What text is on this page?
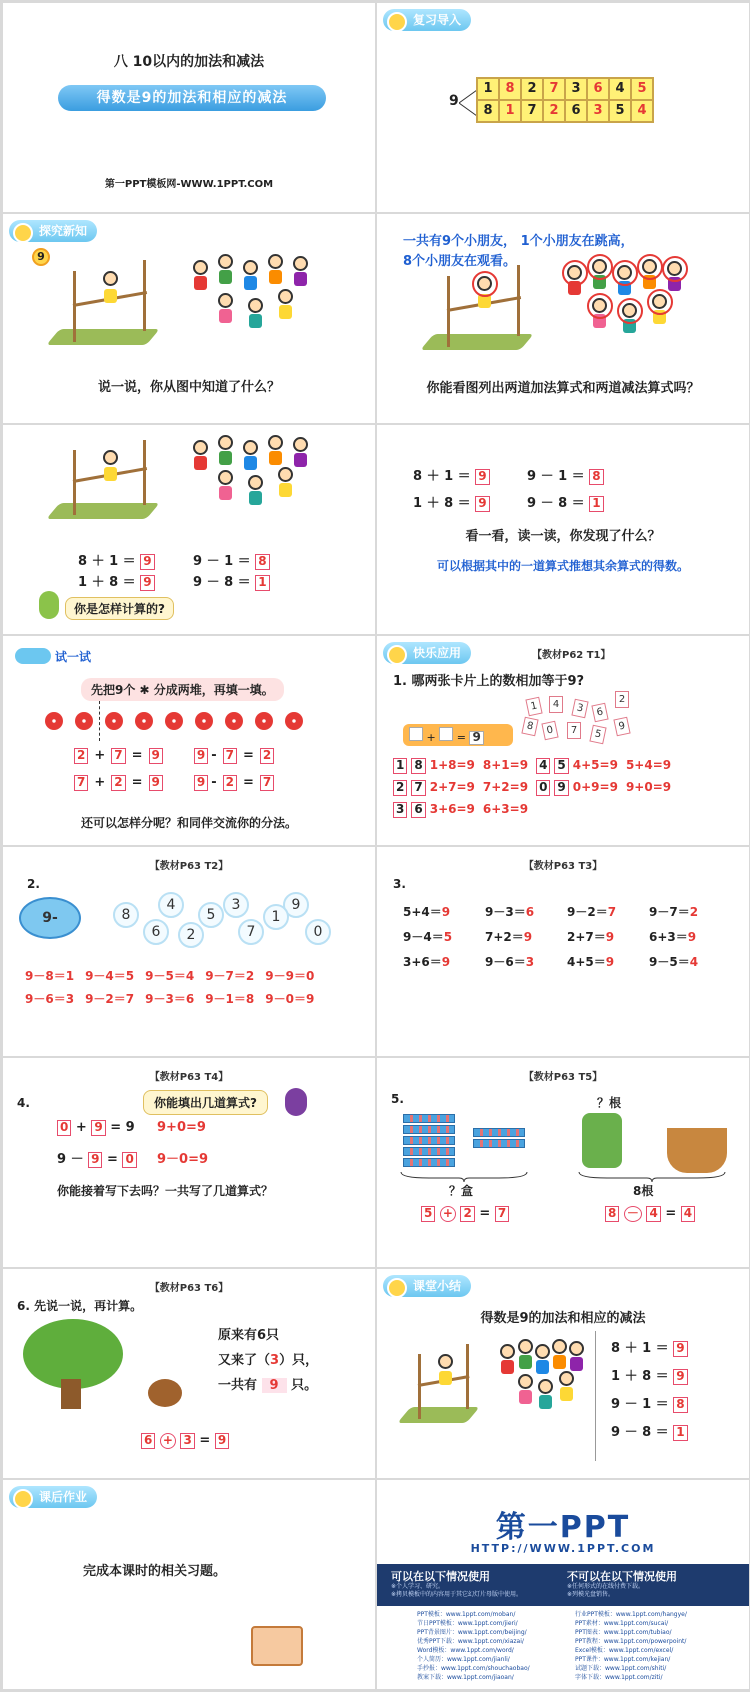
八 10以内的加法和减法
得数是9的加法和相应的减法
第一PPT模板网-WWW.1PPT.COM
复习导入
9
1 8 2 7 3 6 4 5
8 1 7 2 6 3 5 4
探究新知
9
说一说，你从图中知道了什么？
一共有9个小朋友， 1个小朋友在跳高，
8个小朋友在观看。
你能看图列出两道加法算式和两道减法算式吗？
8 ＋ 1 ＝ 9	9 － 1 ＝ 8
1 ＋ 8 ＝ 9	9 － 8 ＝ 1
你是怎样计算的?
8 ＋ 1 ＝ 9	9 － 1 ＝ 8
1 ＋ 8 ＝ 9	9 － 8 ＝ 1
看一看，读一读，你发现了什么？
可以根据其中的一道算式推想其余算式的得数。
试一试
先把9个 ✱ 分成两堆，再填一填。
2 + 7 = 9	9 - 7 = 2
7 + 2 = 9	9 - 2 = 7
还可以怎样分呢？和同伴交流你的分法。
快乐应用	【教材P62 T1】
1. 哪两张卡片上的数相加等于9?
+ = 9
1	4	3	6
2
8	0	7	5
9
1 8 1+8=9 8+1=9 4 5 4+5=9 5+4=9
2 7 2+7=9 7+2=9 0 9 0+9=9 9+0=9
3 6 3+6=9 6+3=9
【教材P63 T2】
2.
9-	8
4
5
3	9
6	2	7
1
0
9－8＝1 9－4＝5 9－5＝4 9－7＝2 9－9＝0
9－6＝3 9－2＝7 9－3＝6 9－1＝8 9－0＝9
【教材P63 T3】
3.
5+4＝9	9－3＝6	9－2＝7	9－7＝2
9－4＝5	7+2＝9	2+7＝9	6+3＝9
3+6＝9	9－6＝3	4+5＝9	9－5＝4
【教材P63 T4】
4.	你能填出几道算式?
0 + 9 = 9 9+0=9
9 － 9 = 0 9－0=9
你能接着写下去吗？一共写了几道算式？
【教材P63 T5】
5.	？根
？盒	8根
5 + 2 = 7	8 － 4 = 4
【教材P63 T6】
6. 先说一说，再计算。
原来有6只
又来了（3）只，
一共有 9 只。
6 + 3 = 9
课堂小结
得数是9的加法和相应的减法
8 ＋ 1 ＝ 9
1 ＋ 8 ＝ 9
9 － 1 ＝ 8
9 － 8 ＝ 1
课后作业
完成本课时的相关习题。
第一PPT
HTTP://WWW.1PPT.COM
可以在以下情况使用	不可以在以下情况使用
※个人学习、研究。
※拷贝模板中的内容用于其它幻灯片母版中使用。
※任何形式的在线付费下载。
※列模光盘销售。
PPT模板：www.1ppt.com/moban/
节日PPT模板：www.1ppt.com/jieri/
PPT背景图片：www.1ppt.com/beijing/
优秀PPT下载：www.1ppt.com/xiazai/
Word模板：www.1ppt.com/word/
个人简历：www.1ppt.com/jianli/
手抄报：www.1ppt.com/shouchaobao/
教案下载：www.1ppt.com/jiaoan/
行业PPT模板：www.1ppt.com/hangye/
PPT素材：www.1ppt.com/sucai/
PPT图表：www.1ppt.com/tubiao/
PPT教程：www.1ppt.com/powerpoint/
Excel模板：www.1ppt.com/excel/
PPT课件：www.1ppt.com/kejian/
试题下载：www.1ppt.com/shiti/
字体下载：www.1ppt.com/ziti/
